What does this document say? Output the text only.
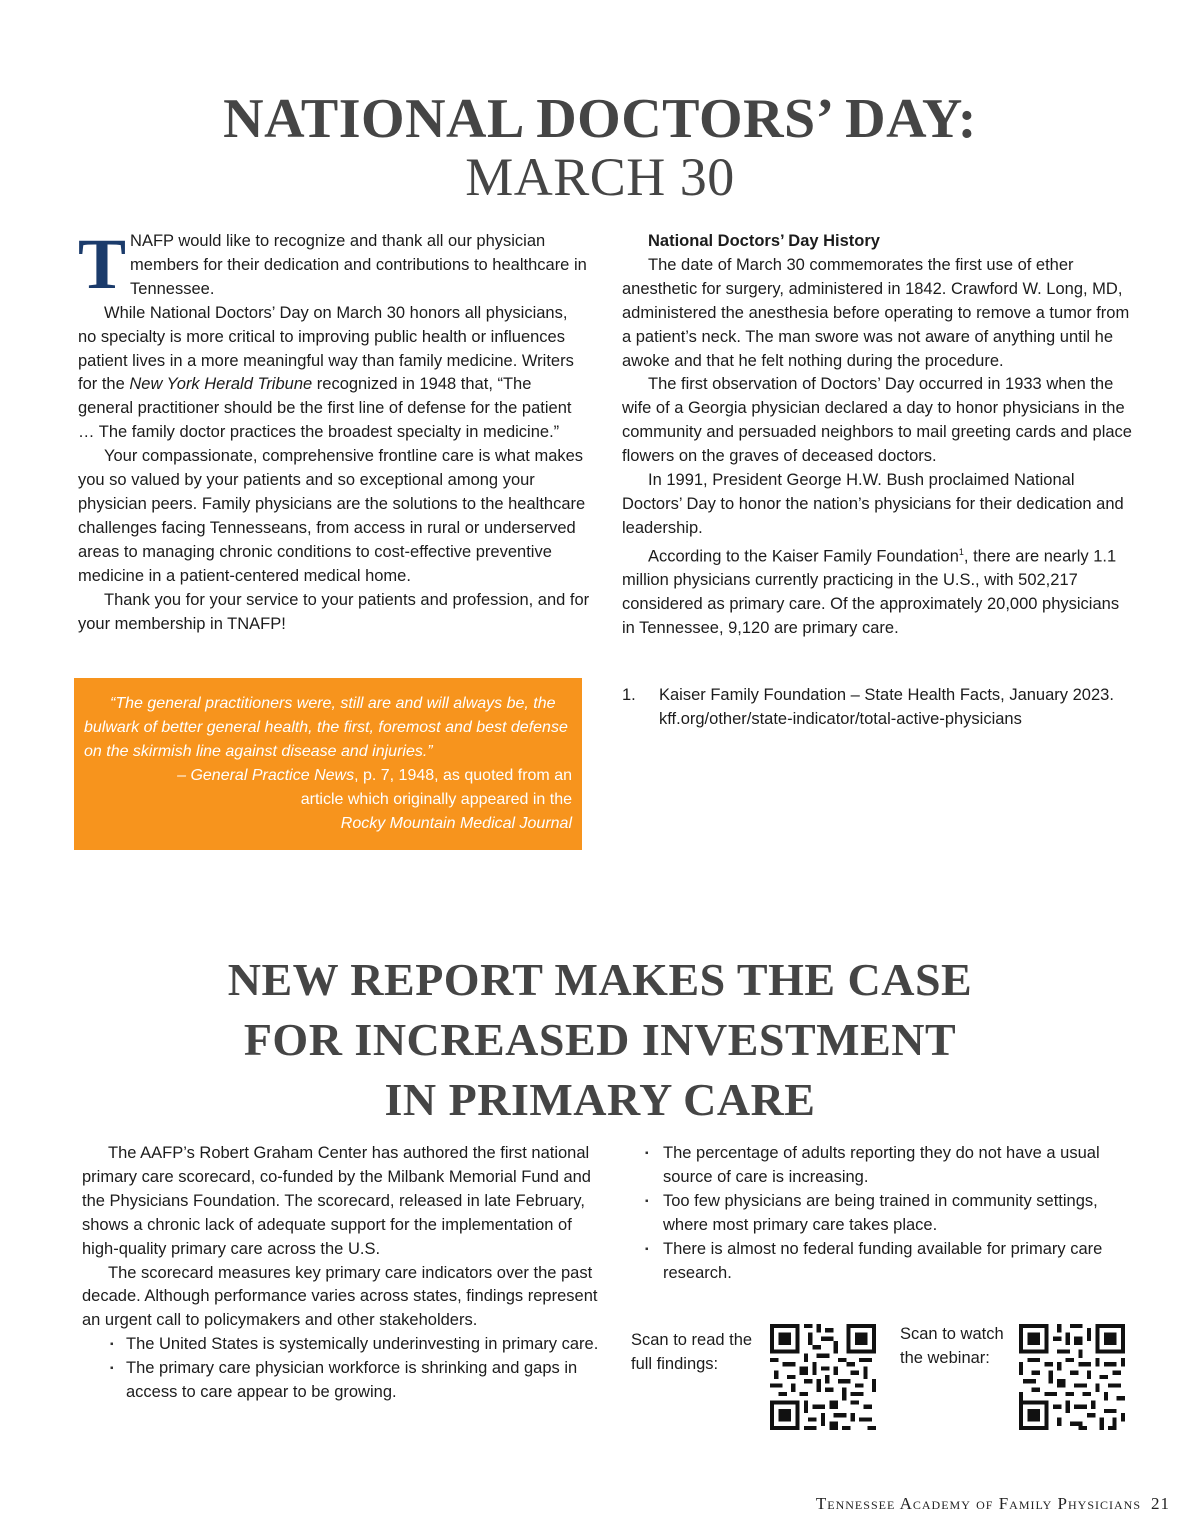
NATIONAL DOCTORS’ DAY:
MARCH 30

TNAFP would like to recognize and thank all our physician members for their dedication and contributions to healthcare in Tennessee.

While National Doctors’ Day on March 30 honors all physicians, no specialty is more critical to improving public health or influences patient lives in a more meaningful way than family medicine. Writers for the New York Herald Tribune recognized in 1948 that, “The general practitioner should be the first line of defense for the patient … The family doctor practices the broadest specialty in medicine.”

Your compassionate, comprehensive frontline care is what makes you so valued by your patients and so exceptional among your physician peers. Family physicians are the solutions to the healthcare challenges facing Tennesseans, from access in rural or underserved areas to managing chronic conditions to cost-effective preventive medicine in a patient-centered medical home.

Thank you for your service to your patients and profession, and for your membership in TNAFP!

“The general practitioners were, still are and will always be, the bulwark of better general health, the first, foremost and best defense on the skirmish line against disease and injuries.”

– General Practice News, p. 7, 1948, as quoted from an

article which originally appeared in the

Rocky Mountain Medical Journal

National Doctors’ Day History

The date of March 30 commemorates the first use of ether anesthetic for surgery, administered in 1842. Crawford W. Long, MD, administered the anesthesia before operating to remove a tumor from a patient’s neck. The man swore was not aware of anything until he awoke and that he felt nothing during the procedure.

The first observation of Doctors’ Day occurred in 1933 when the wife of a Georgia physician declared a day to honor physicians in the community and persuaded neighbors to mail greeting cards and place flowers on the graves of deceased doctors.

In 1991, President George H.W. Bush proclaimed National Doctors’ Day to honor the nation’s physicians for their dedication and leadership.

According to the Kaiser Family Foundation$^1$, there are nearly 1.1 million physicians currently practicing in the U.S., with 502,217 considered as primary care. Of the approximately 20,000 physicians in Tennessee, 9,120 are primary care.

1. Kaiser Family Foundation – State Health Facts, January 2023.
kff.org/other/state-indicator/total-active-physicians
NEW REPORT MAKES THE CASE
FOR INCREASED INVESTMENT
IN PRIMARY CARE

The AAFP’s Robert Graham Center has authored the first national primary care scorecard, co-funded by the Milbank Memorial Fund and the Physicians Foundation. The scorecard, released in late February, shows a chronic lack of adequate support for the implementation of high-quality primary care across the U.S.

The scorecard measures key primary care indicators over the past decade. Although performance varies across states, findings represent an urgent call to policymakers and other stakeholders.

▪ The United States is systemically underinvesting in primary care.
▪ The primary care physician workforce is shrinking and gaps in access to care appear to be growing.
▪ The percentage of adults reporting they do not have a usual source of care is increasing.
▪ Too few physicians are being trained in community settings, where most primary care takes place.
▪ There is almost no federal funding available for primary care research.
Scan to read the
full findings:
Scan to watch
the webinar:
Tennessee Academy of Family Physicians 21
